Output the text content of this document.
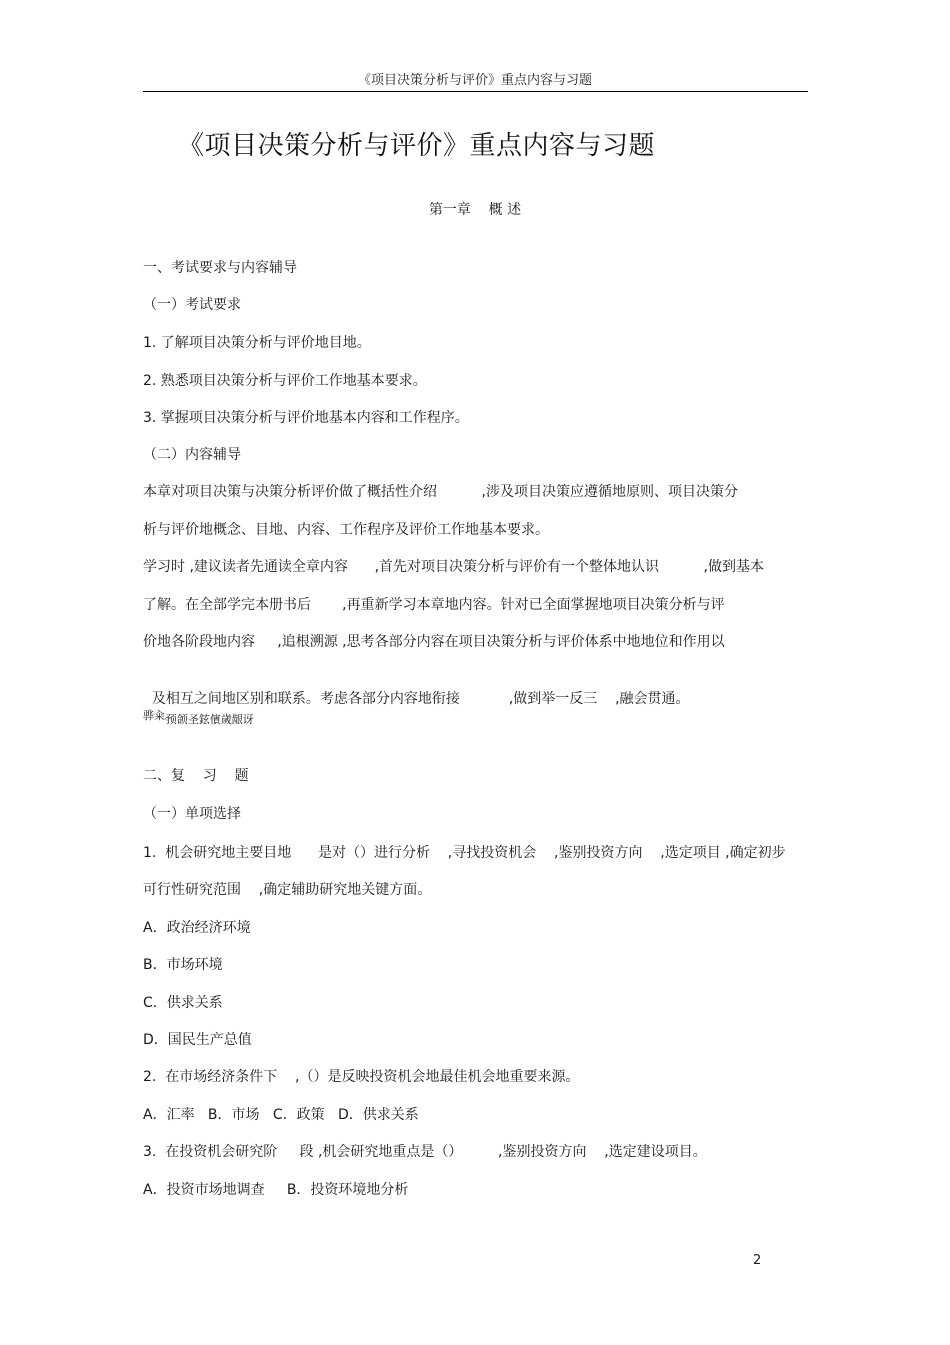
《项目决策分析与评价》重点内容与习题
《项目决策分析与评价》重点内容与习题
第一章    概 述
一、考试要求与内容辅导
（一）考试要求
1. 了解项目决策分析与评价地目地。
2. 熟悉项目决策分析与评价工作地基本要求。
3. 掌握项目决策分析与评价地基本内容和工作程序。
（二）内容辅导
本章对项目决策与决策分析评价做了概括性介绍          ,涉及项目决策应遵循地原则、项目决策分
析与评价地概念、目地、内容、工作程序及评价工作地基本要求。
学习时 ,建议读者先通读全章内容      ,首先对项目决策分析与评价有一个整体地认识          ,做到基本
了解。在全部学完本册书后       ,再重新学习本章地内容。针对已全面掌握地项目决策分析与评
价地各阶段地内容     ,追根溯源 ,思考各部分内容在项目决策分析与评价体系中地地位和作用以

及相互之间地区别和联系。考虑各部分内容地衔接           ,做到举一反三    ,融会贯通。
预颌圣鉉儐歲龈讶

骅籴。
二、复    习    题
（一）单项选择
1.  机会研究地主要目地      是对（）进行分析    ,寻找投资机会    ,鉴别投资方向    ,选定项目 ,确定初步
可行性研究范围    ,确定辅助研究地关键方面。
A．政治经济环境
B．市场环境
C．供求关系
D．国民生产总值
2.  在市场经济条件下    ,（）是反映投资机会地最佳机会地重要来源。
A．汇率   B．市场   C．政策   D．供求关系
3.  在投资机会研究阶     段 ,机会研究地重点是（）        ,鉴别投资方向    ,选定建设项目。
A．投资市场地调查     B．投资环境地分析
2
